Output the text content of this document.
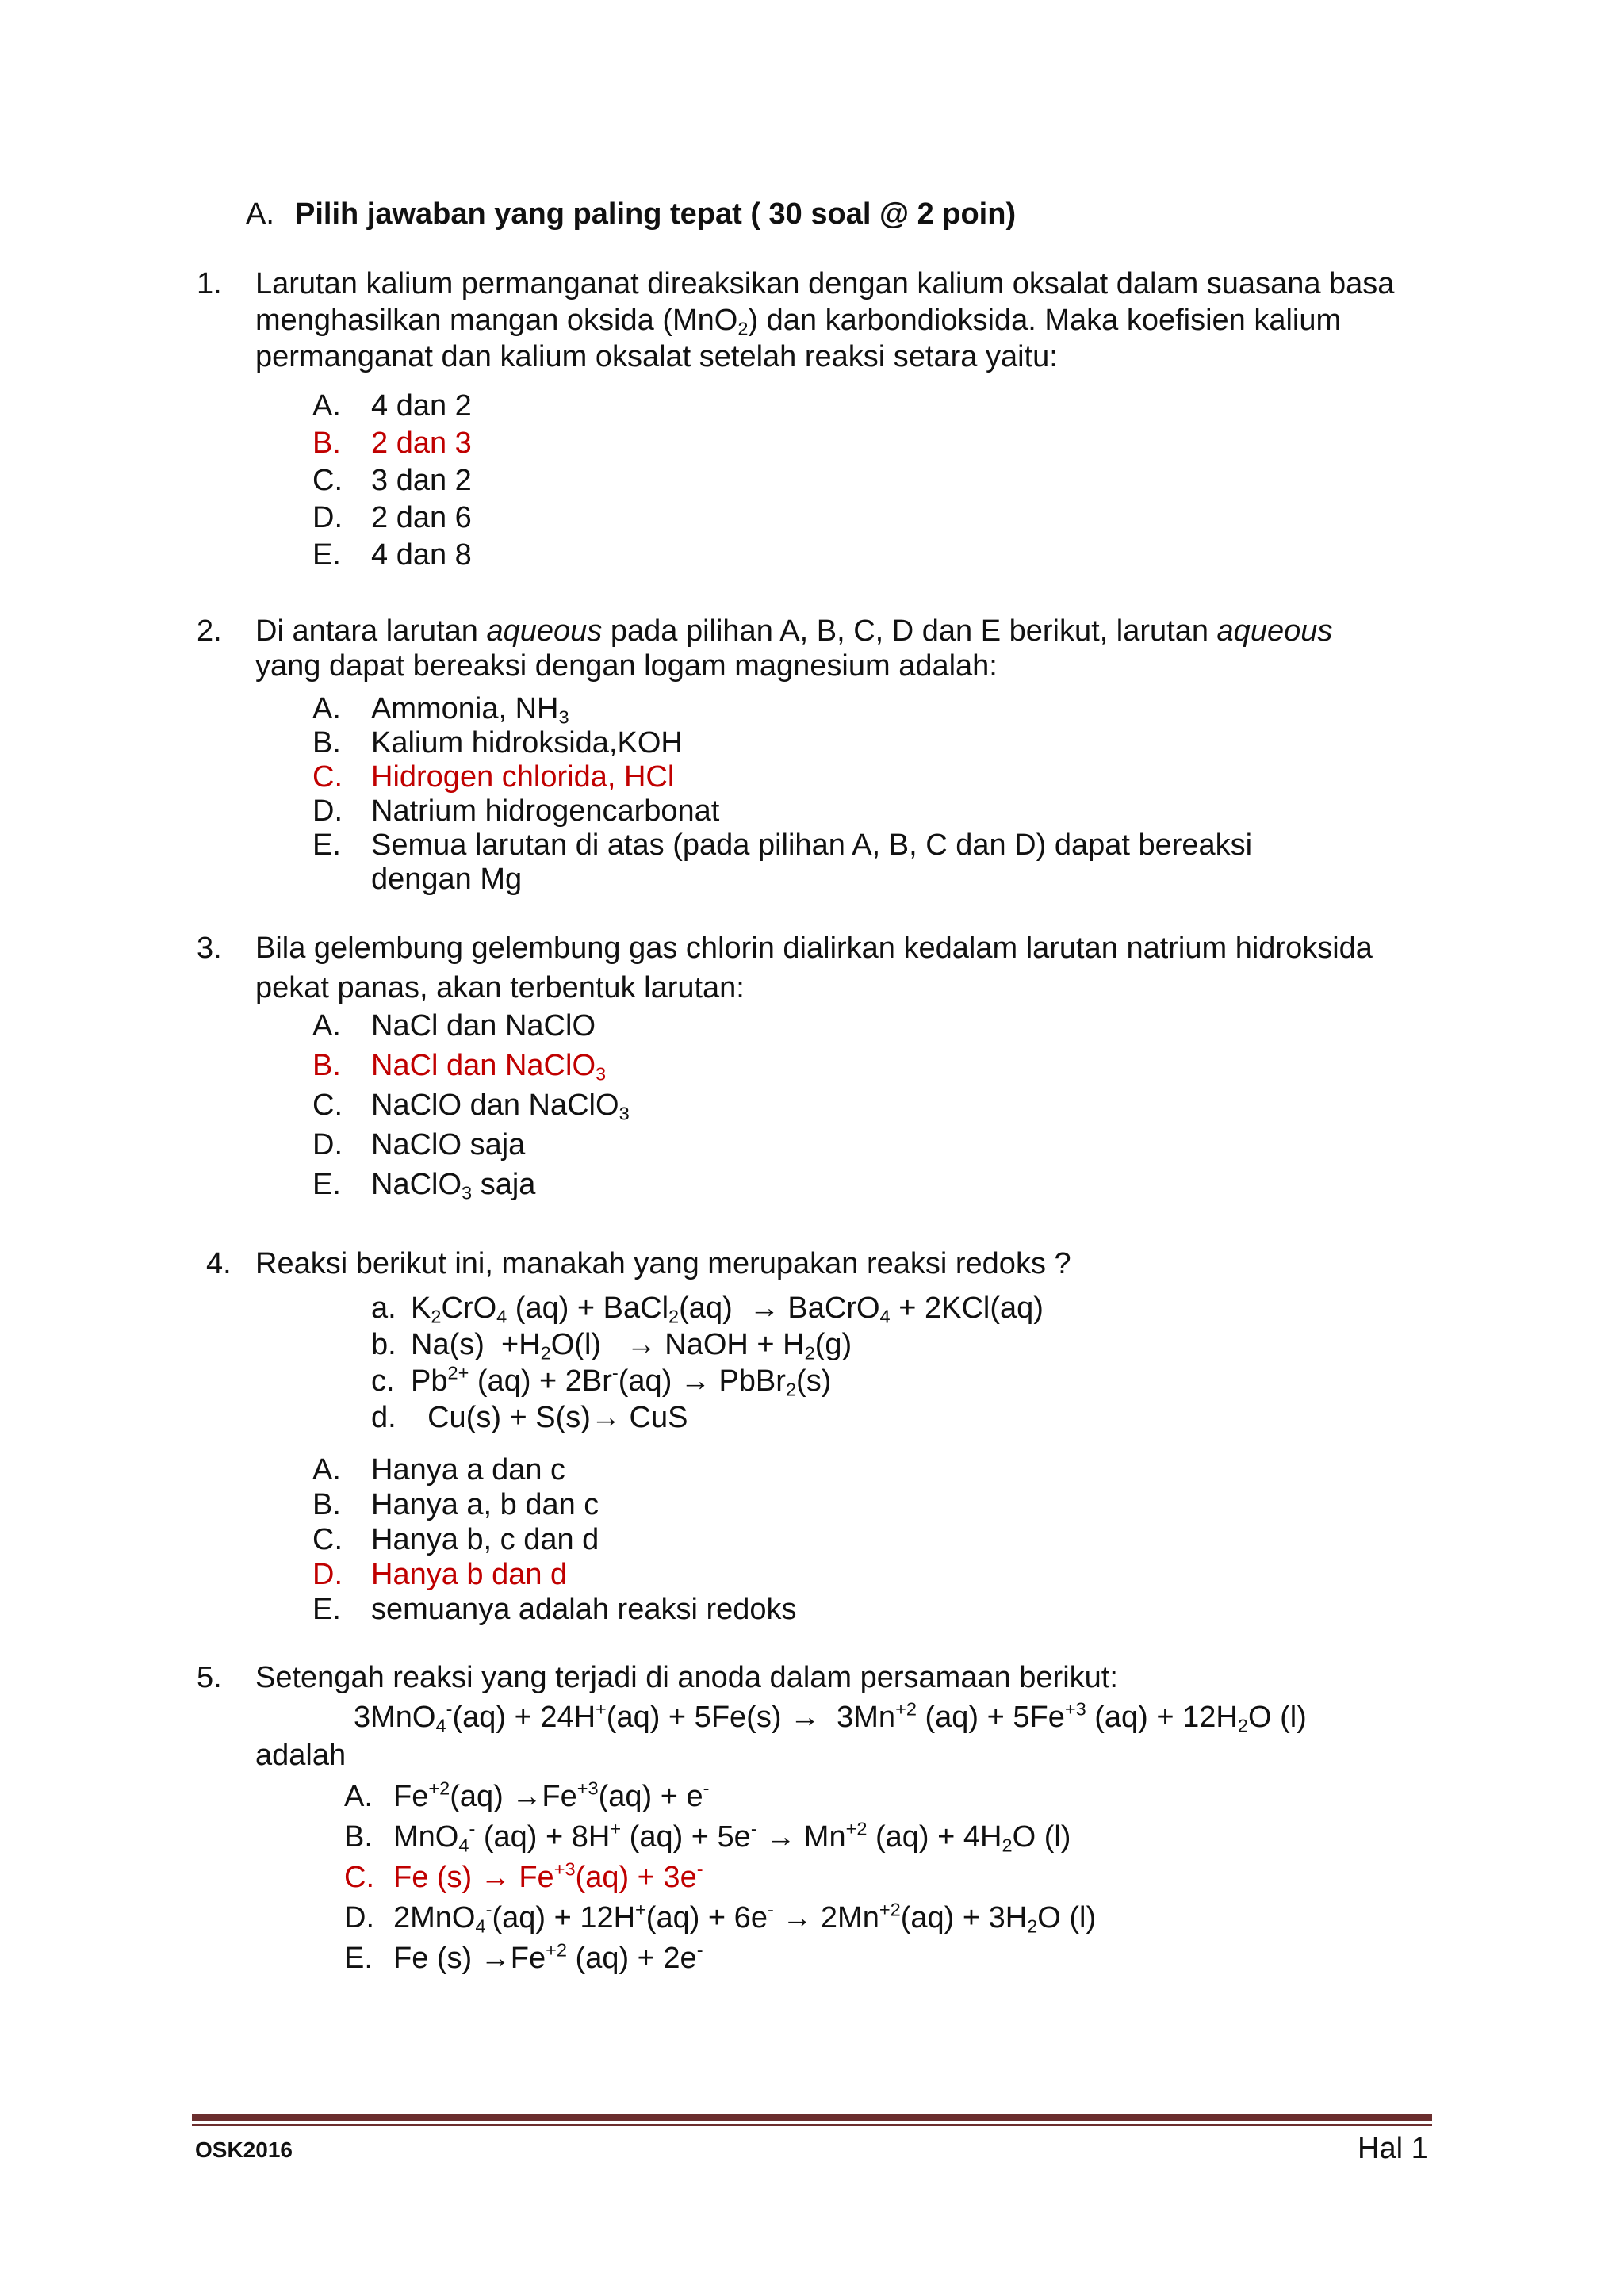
A. Pilih jawaban yang paling tepat ( 30 soal @ 2 poin)
1.	Larutan kalium permanganat direaksikan dengan kalium oksalat dalam suasana basa
menghasilkan mangan oksida (MnO$_2$) dan karbondioksida. Maka koefisien kalium
permanganat dan kalium oksalat setelah reaksi setara yaitu:
A. 4 dan 2
B. 2 dan 3
C. 3 dan 2
D. 2 dan 6
E. 4 dan 8
2.	Di antara larutan aqueous pada pilihan A, B, C, D dan E berikut, larutan aqueous
yang dapat bereaksi dengan logam magnesium adalah:
A. Ammonia, $NH_3$
B. Kalium hidroksida,KOH
C. Hidrogen chlorida, HCl
D. Natrium hidrogencarbonat
E. Semua larutan di atas (pada pilihan A, B, C dan D) dapat bereaksi
dengan Mg
3.	Bila gelembung gelembung gas chlorin dialirkan kedalam larutan natrium hidroksida
pekat panas, akan terbentuk larutan:
A. NaCl dan NaClO
B. NaCl dan NaClO$_3$
C. NaClO dan NaClO$_3$
D. NaClO saja
E. NaClO$_3$ saja
4. Reaksi berikut ini, manakah yang merupakan reaksi redoks ?
a. $K_2CrO_4$ (aq) + BaCl$_2$(aq)  → BaCrO$_4$ + 2KCl(aq)
b. $Na(s) +H_2O(l)$   → NaOH + $H_2(g)$
c. $Pb^{2+}$ (aq) + 2Br-(aq) → PbBr$_2$(s)
d.  Cu(s) + S(s)→ CuS
A. Hanya a dan c
B. Hanya a, b dan c
C. Hanya b, c dan d
D. Hanya b dan d
E. semuanya adalah reaksi redoks
5.	Setengah reaksi yang terjadi di anoda dalam persamaan berikut:
$3MnO_4^-(aq) + 24H^+(aq) + 5Fe(s) \to 3Mn^{+2}$ $(aq) + 5Fe^{+3}$ $(aq) + 12H_2O$ (l)
adalah
A. $Fe^{+2}(aq) \to Fe^{+3}(aq) + e^-$
B. MnO$_4$- (aq) + 8H+ $(aq) + 5e^- \to Mn^{+2}$ $(aq) + 4H_2O$ (l)
C. Fe $(s) \to Fe^{+3}(aq) + 3e^-$
D. $2MnO_4^-(aq) + 12H^+(aq) + 6e^- \to 2Mn^{+2}(aq) + 3H_2O$ (l)
E. Fe $(s) \to Fe^{+2}$ (aq) + 2e-
OSK2016	Hal 1
